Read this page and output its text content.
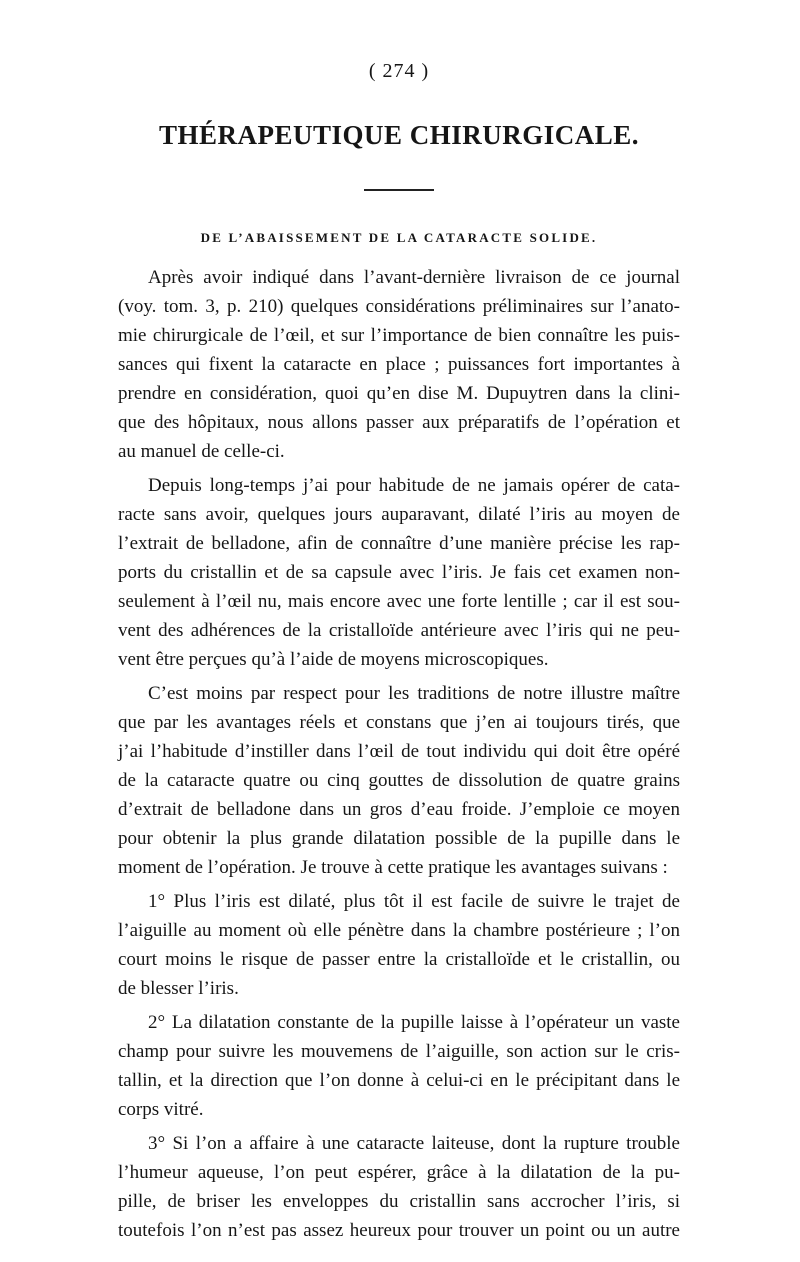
( 274 )
THÉRAPEUTIQUE CHIRURGICALE.
DE L’ABAISSEMENT DE LA CATARACTE SOLIDE.
Après avoir indiqué dans l’avant-dernière livraison de ce journal
(voy. tom. 3, p. 210) quelques considérations préliminaires sur l’anato-
mie chirurgicale de l’œil, et sur l’importance de bien connaître les puis-
sances qui fixent la cataracte en place ; puissances fort importantes à
prendre en considération, quoi qu’en dise M. Dupuytren dans la clini-
que des hôpitaux, nous allons passer aux préparatifs de l’opération et
au manuel de celle-ci.
Depuis long-temps j’ai pour habitude de ne jamais opérer de cata-
racte sans avoir, quelques jours auparavant, dilaté l’iris au moyen de
l’extrait de belladone, afin de connaître d’une manière précise les rap-
ports du cristallin et de sa capsule avec l’iris. Je fais cet examen non-
seulement à l’œil nu, mais encore avec une forte lentille ; car il est sou-
vent des adhérences de la cristalloïde antérieure avec l’iris qui ne peu-
vent être perçues qu’à l’aide de moyens microscopiques.
C’est moins par respect pour les traditions de notre illustre maître
que par les avantages réels et constans que j’en ai toujours tirés, que
j’ai l’habitude d’instiller dans l’œil de tout individu qui doit être opéré
de la cataracte quatre ou cinq gouttes de dissolution de quatre grains
d’extrait de belladone dans un gros d’eau froide. J’emploie ce moyen
pour obtenir la plus grande dilatation possible de la pupille dans le
moment de l’opération. Je trouve à cette pratique les avantages suivans :
1° Plus l’iris est dilaté, plus tôt il est facile de suivre le trajet de
l’aiguille au moment où elle pénètre dans la chambre postérieure ; l’on
court moins le risque de passer entre la cristalloïde et le cristallin, ou
de blesser l’iris.
2° La dilatation constante de la pupille laisse à l’opérateur un vaste
champ pour suivre les mouvemens de l’aiguille, son action sur le cris-
tallin, et la direction que l’on donne à celui-ci en le précipitant dans le
corps vitré.
3° Si l’on a affaire à une cataracte laiteuse, dont la rupture trouble
l’humeur aqueuse, l’on peut espérer, grâce à la dilatation de la pu-
pille, de briser les enveloppes du cristallin sans accrocher l’iris, si
toutefois l’on n’est pas assez heureux pour trouver un point ou un autre
